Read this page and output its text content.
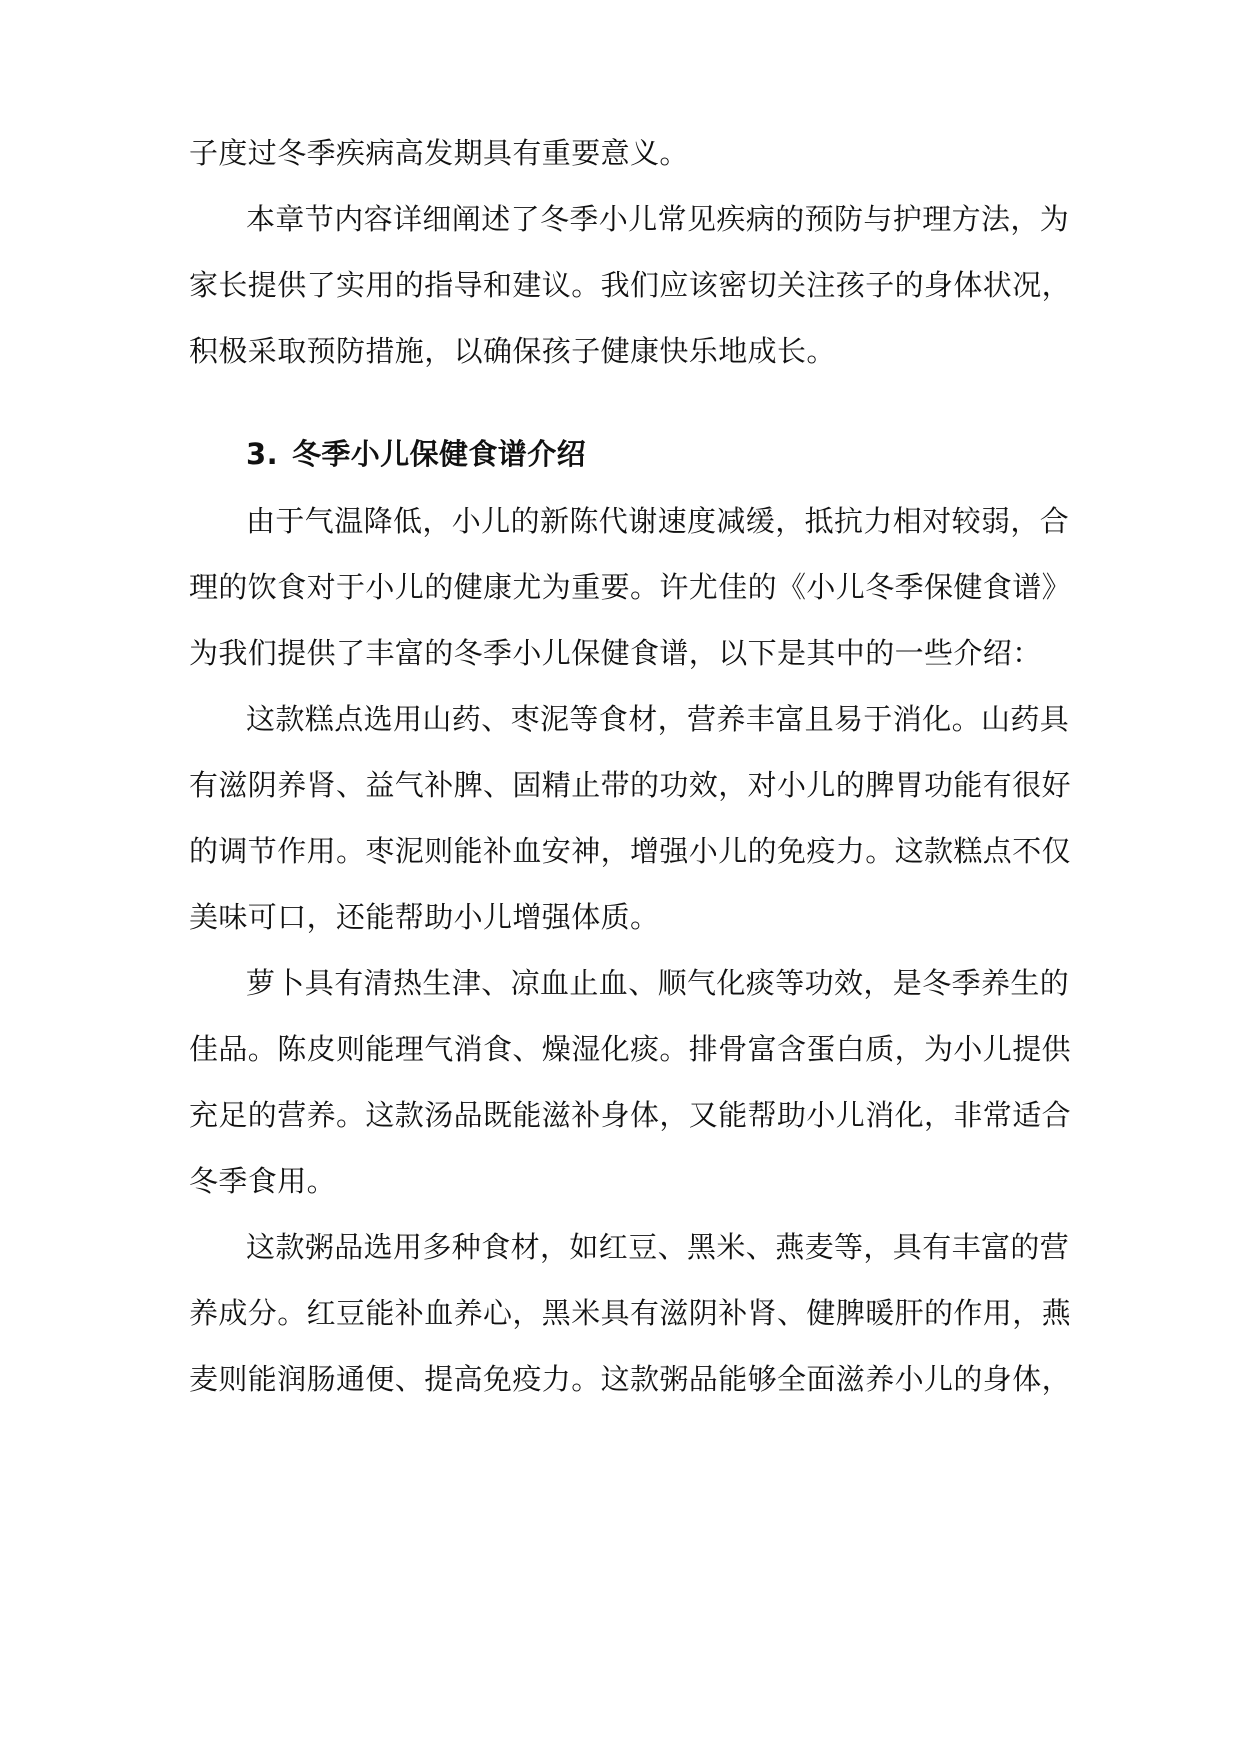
子度过冬季疾病高发期具有重要意义。
本章节内容详细阐述了冬季小儿常见疾病的预防与护理方法，为
家长提供了实用的指导和建议。我们应该密切关注孩子的身体状况，
积极采取预防措施，以确保孩子健康快乐地成长。
3. 冬季小儿保健食谱介绍
由于气温降低，小儿的新陈代谢速度减缓，抵抗力相对较弱，合
理的饮食对于小儿的健康尤为重要。许尤佳的《小儿冬季保健食谱》
为我们提供了丰富的冬季小儿保健食谱，以下是其中的一些介绍：
这款糕点选用山药、枣泥等食材，营养丰富且易于消化。山药具
有滋阴养肾、益气补脾、固精止带的功效，对小儿的脾胃功能有很好
的调节作用。枣泥则能补血安神，增强小儿的免疫力。这款糕点不仅
美味可口，还能帮助小儿增强体质。
萝卜具有清热生津、凉血止血、顺气化痰等功效，是冬季养生的
佳品。陈皮则能理气消食、燥湿化痰。排骨富含蛋白质，为小儿提供
充足的营养。这款汤品既能滋补身体，又能帮助小儿消化，非常适合
冬季食用。
这款粥品选用多种食材，如红豆、黑米、燕麦等，具有丰富的营
养成分。红豆能补血养心，黑米具有滋阴补肾、健脾暖肝的作用，燕
麦则能润肠通便、提高免疫力。这款粥品能够全面滋养小儿的身体，
